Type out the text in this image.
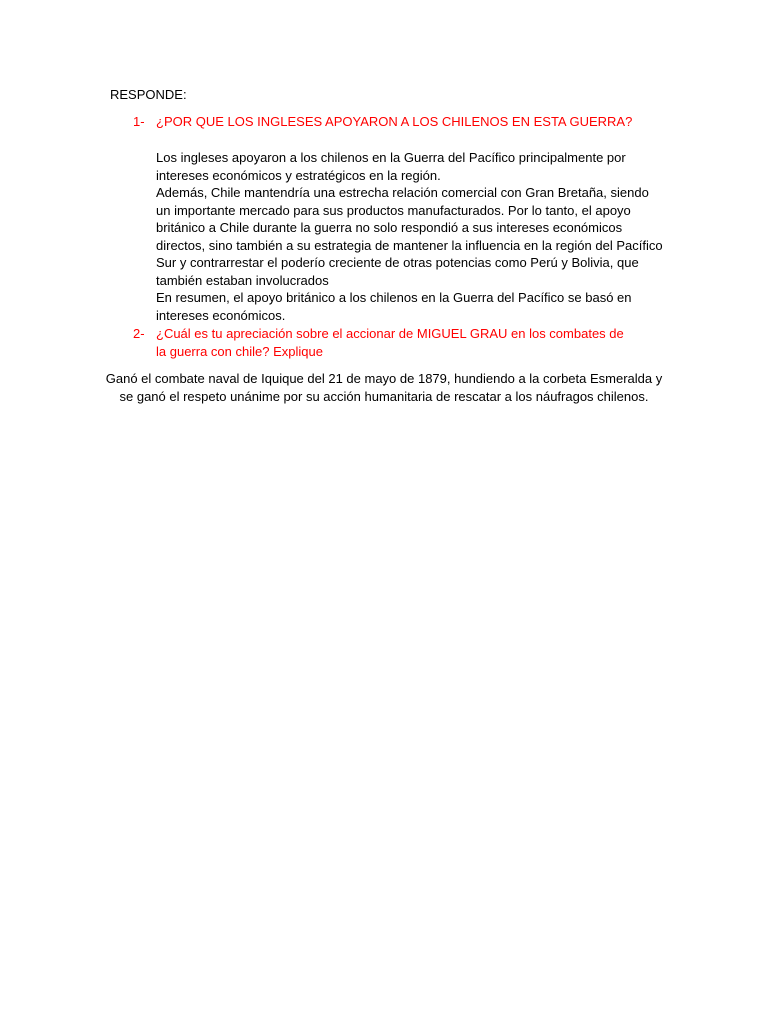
RESPONDE:
1- ¿POR QUE LOS INGLESES APOYARON A LOS CHILENOS EN ESTA GUERRA?

Los ingleses apoyaron a los chilenos en la Guerra del Pacífico principalmente por intereses económicos y estratégicos en la región.

Además, Chile mantendría una estrecha relación comercial con Gran Bretaña, siendo un importante mercado para sus productos manufacturados. Por lo tanto, el apoyo británico a Chile durante la guerra no solo respondió a sus intereses económicos directos, sino también a su estrategia de mantener la influencia en la región del Pacífico Sur y contrarrestar el poderío creciente de otras potencias como Perú y Bolivia, que también estaban involucrados

En resumen, el apoyo británico a los chilenos en la Guerra del Pacífico se basó en intereses económicos.

2- ¿Cuál es tu apreciación sobre el accionar de MIGUEL GRAU en los combates de la guerra con chile? Explique
Ganó el combate naval de Iquique del 21 de mayo de 1879, hundiendo a la corbeta Esmeralda y se ganó el respeto unánime por su acción humanitaria de rescatar a los náufragos chilenos.
